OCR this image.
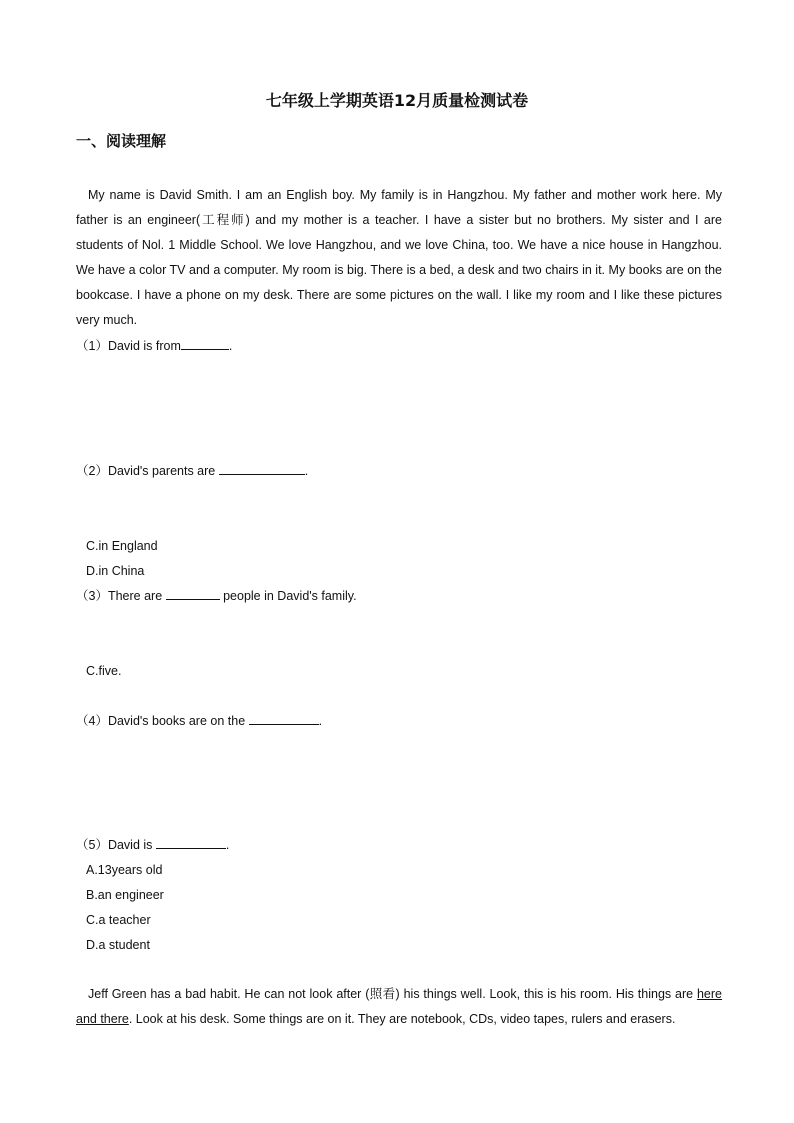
七年级上学期英语12月质量检测试卷
一、阅读理解
My name is David Smith. I am an English boy. My family is in Hangzhou. My father and mother work here. My father is an engineer(工程师) and my mother is a teacher. I have a sister but no brothers. My sister and I are students of Nol. 1 Middle School. We love Hangzhou, and we love China, too. We have a nice house in Hangzhou. We have a color TV and a computer. My room is big. There is a bed, a desk and two chairs in it. My books are on the bookcase. I have a phone on my desk. There are some pictures on the wall. I like my room and I like these pictures very much.
（1）David is from	.
（2）David's parents are	.
C.in England
D.in China
（3）There are	people in David's family.
C.five.
（4）David's books are on the	.
（5）David is	.
A.13years old
B.an engineer
C.a teacher
D.a student
Jeff Green has a bad habit. He can not look after (照看) his things well. Look, this is his room. His things are here and there. Look at his desk. Some things are on it. They are notebook, CDs, video tapes, rulers and erasers.
